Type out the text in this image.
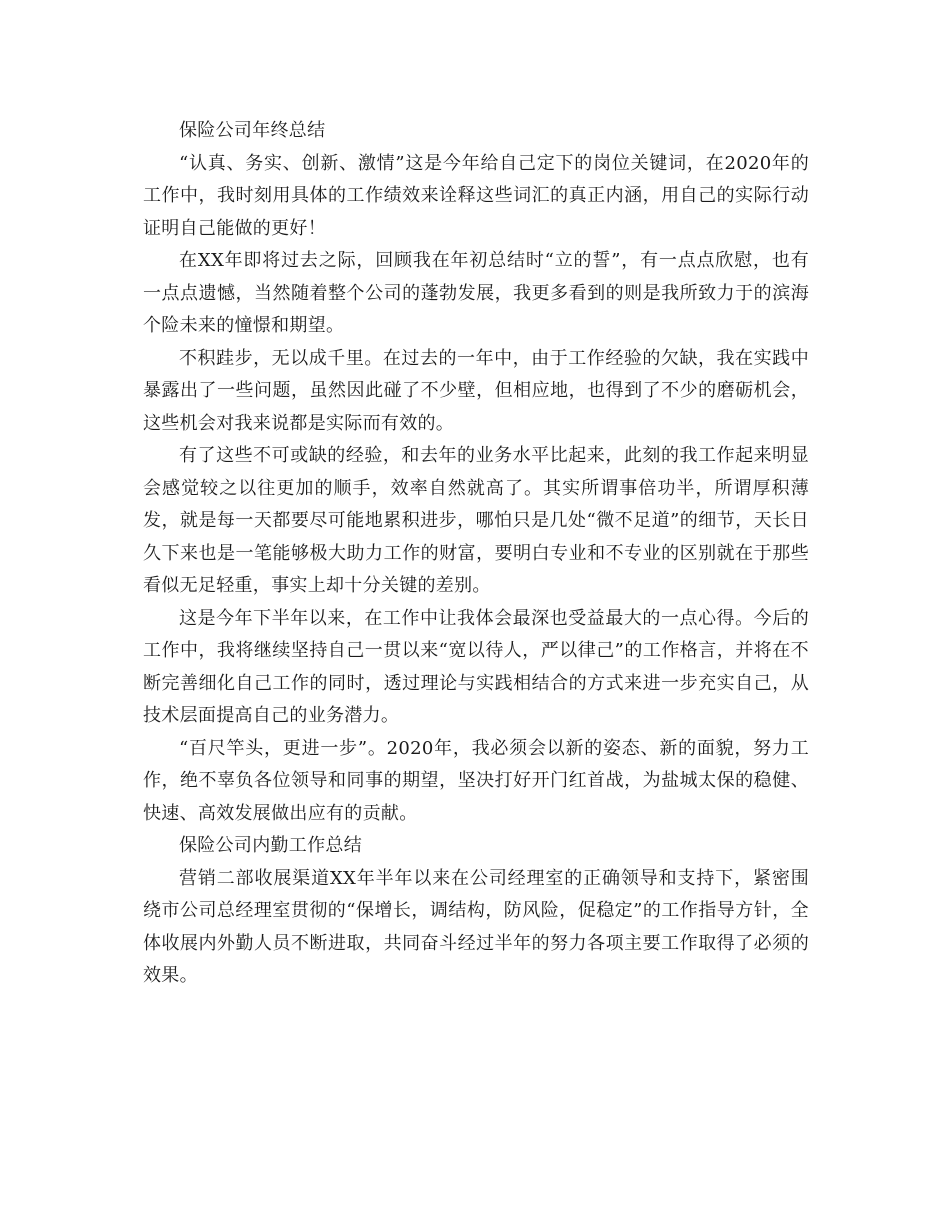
保险公司年终总结

“认真、务实、创新、激情”这是今年给自己定下的岗位关键词，在2020年的工作中，我时刻用具体的工作绩效来诠释这些词汇的真正内涵，用自己的实际行动证明自己能做的更好！

在XX年即将过去之际，回顾我在年初总结时“立的誓”，有一点点欣慰，也有一点点遗憾，当然随着整个公司的蓬勃发展，我更多看到的则是我所致力于的滨海个险未来的憧憬和期望。

不积跬步，无以成千里。在过去的一年中，由于工作经验的欠缺，我在实践中暴露出了一些问题，虽然因此碰了不少壁，但相应地，也得到了不少的磨砺机会，这些机会对我来说都是实际而有效的。

有了这些不可或缺的经验，和去年的业务水平比起来，此刻的我工作起来明显会感觉较之以往更加的顺手，效率自然就高了。其实所谓事倍功半，所谓厚积薄发，就是每一天都要尽可能地累积进步，哪怕只是几处“微不足道”的细节，天长日久下来也是一笔能够极大助力工作的财富，要明白专业和不专业的区别就在于那些看似无足轻重，事实上却十分关键的差别。

这是今年下半年以来，在工作中让我体会最深也受益最大的一点心得。今后的工作中，我将继续坚持自己一贯以来“宽以待人，严以律己”的工作格言，并将在不断完善细化自己工作的同时，透过理论与实践相结合的方式来进一步充实自己，从技术层面提高自己的业务潜力。

“百尺竿头，更进一步”。2020年，我必须会以新的姿态、新的面貌，努力工作，绝不辜负各位领导和同事的期望，坚决打好开门红首战，为盐城太保的稳健、快速、高效发展做出应有的贡献。

保险公司内勤工作总结

营销二部收展渠道XX年半年以来在公司经理室的正确领导和支持下，紧密围绕市公司总经理室贯彻的“保增长，调结构，防风险，促稳定”的工作指导方针，全体收展内外勤人员不断进取，共同奋斗经过半年的努力各项主要工作取得了必须的效果。
